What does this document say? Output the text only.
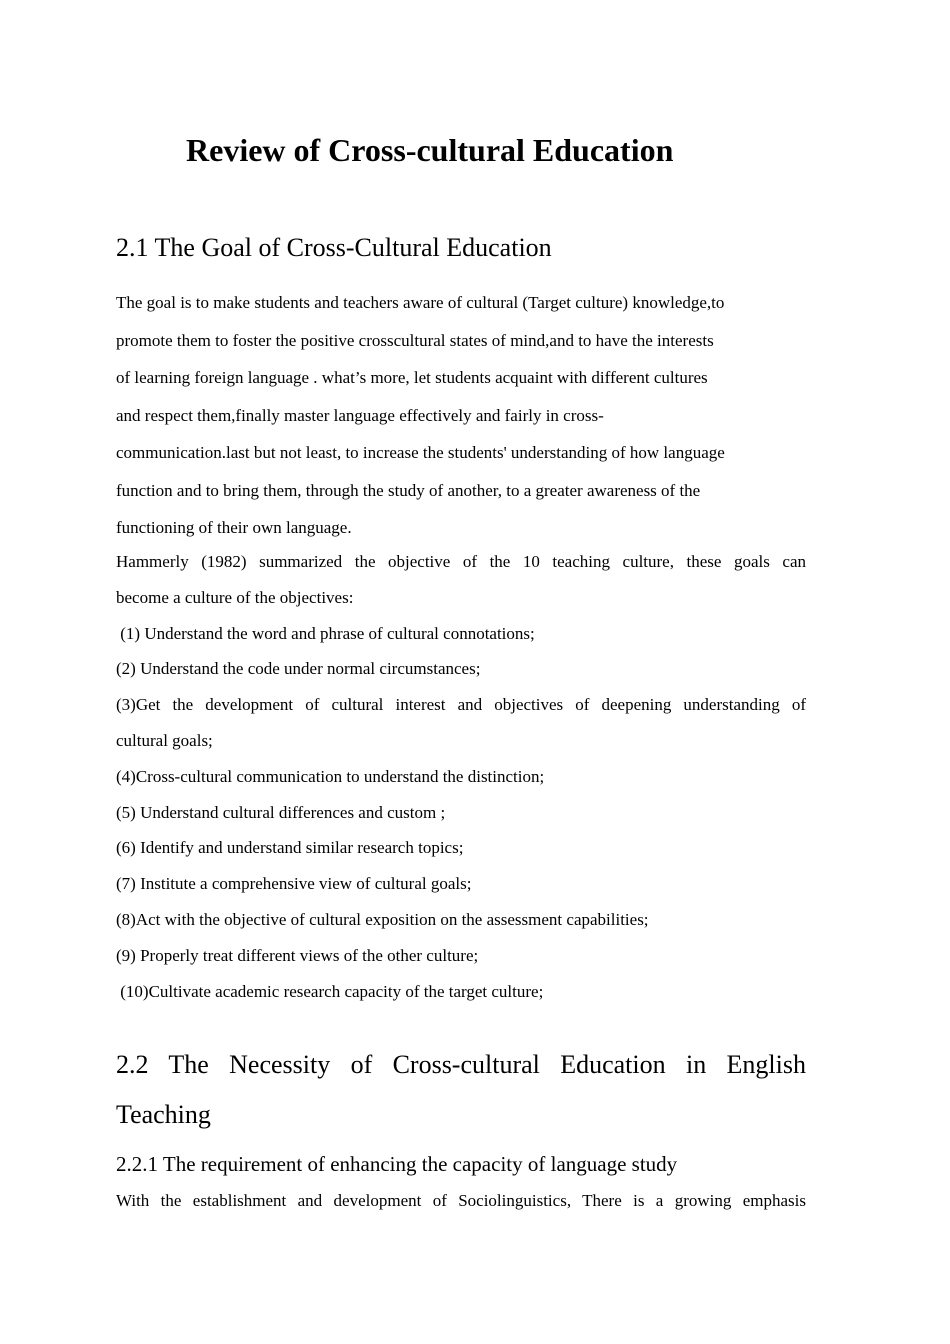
Review of Cross-cultural Education
2.1 The Goal of Cross-Cultural Education

The goal is to make students and teachers aware of cultural (Target culture) knowledge,to
promote them to foster the positive crosscultural states of mind,and to have the interests
of learning foreign language . what’s more, let students acquaint with different cultures
and respect them,finally master language effectively and fairly in cross-
communication.last but not least, to increase the students' understanding of how language
function and to bring them, through the study of another, to a greater awareness of the
functioning of their own language.

Hammerly (1982) summarized the objective of the 10 teaching culture, these goals can
become a culture of the objectives:
(1) Understand the word and phrase of cultural connotations;
(2) Understand the code under normal circumstances;
(3)Get the development of cultural interest and objectives of deepening understanding of
cultural goals;
(4)Cross-cultural communication to understand the distinction;
(5) Understand cultural differences and custom ;
(6) Identify and understand similar research topics;
(7) Institute a comprehensive view of cultural goals;
(8)Act with the objective of cultural exposition on the assessment capabilities;
(9) Properly treat different views of the other culture;
(10)Cultivate academic research capacity of the target culture;
2.2 The Necessity of Cross-cultural Education in English
Teaching
2.2.1 The requirement of enhancing the capacity of language study

With the establishment and development of Sociolinguistics, There is a growing emphasis
